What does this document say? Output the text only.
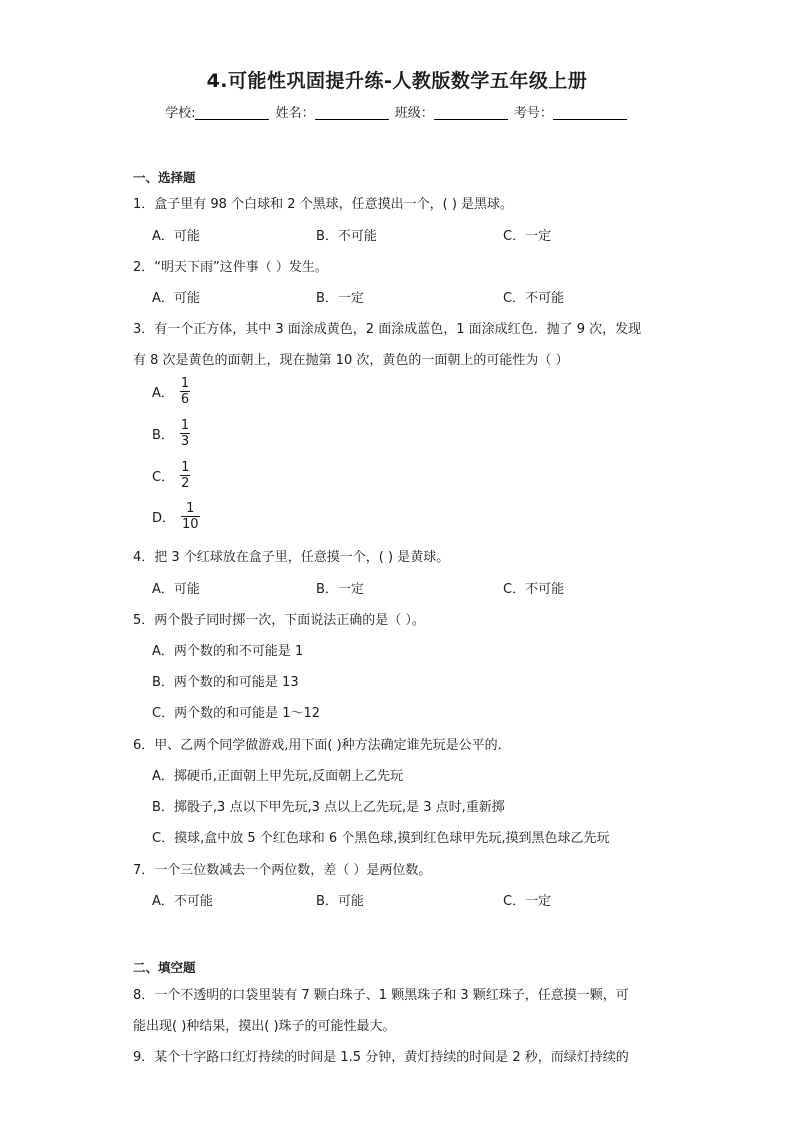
4.可能性巩固提升练-人教版数学五年级上册
学校:	姓名：	班级：	考号：
一、选择题
1．盒子里有 98 个白球和 2 个黑球，任意摸出一个，( ) 是黑球。
A．可能	B．不可能	C．一定
2．“明天下雨”这件事（ ）发生。
A．可能	B．一定	C．不可能
3．有一个正方体，其中 3 面涂成黄色，2 面涂成蓝色，1 面涂成红色．抛了 9 次，发现
有 8 次是黄色的面朝上，现在抛第 10 次，黄色的一面朝上的可能性为（ ）
A． $\frac{1}{6}$
B． $\frac{1}{3}$
C． $\frac{1}{2}$
D． $\frac{1}{10}$
4．把 3 个红球放在盒子里，任意摸一个，( ) 是黄球。
A．可能	B．一定	C．不可能
5．两个骰子同时掷一次，下面说法正确的是（ ）。
A．两个数的和不可能是 1
B．两个数的和可能是 13
C．两个数的和可能是 1～12
6．甲、乙两个同学做游戏,用下面( )种方法确定谁先玩是公平的．
A．掷硬币,正面朝上甲先玩,反面朝上乙先玩
B．掷骰子,3 点以下甲先玩,3 点以上乙先玩,是 3 点时,重新掷
C．摸球,盒中放 5 个红色球和 6 个黑色球,摸到红色球甲先玩,摸到黑色球乙先玩
7．一个三位数减去一个两位数，差（ ）是两位数。
A．不可能	B．可能	C．一定
二、填空题
8．一个不透明的口袋里装有 7 颗白珠子、1 颗黑珠子和 3 颗红珠子，任意摸一颗，可
能出现( )种结果，摸出( )珠子的可能性最大。
9．某个十字路口红灯持续的时间是 1.5 分钟，黄灯持续的时间是 2 秒，而绿灯持续的
